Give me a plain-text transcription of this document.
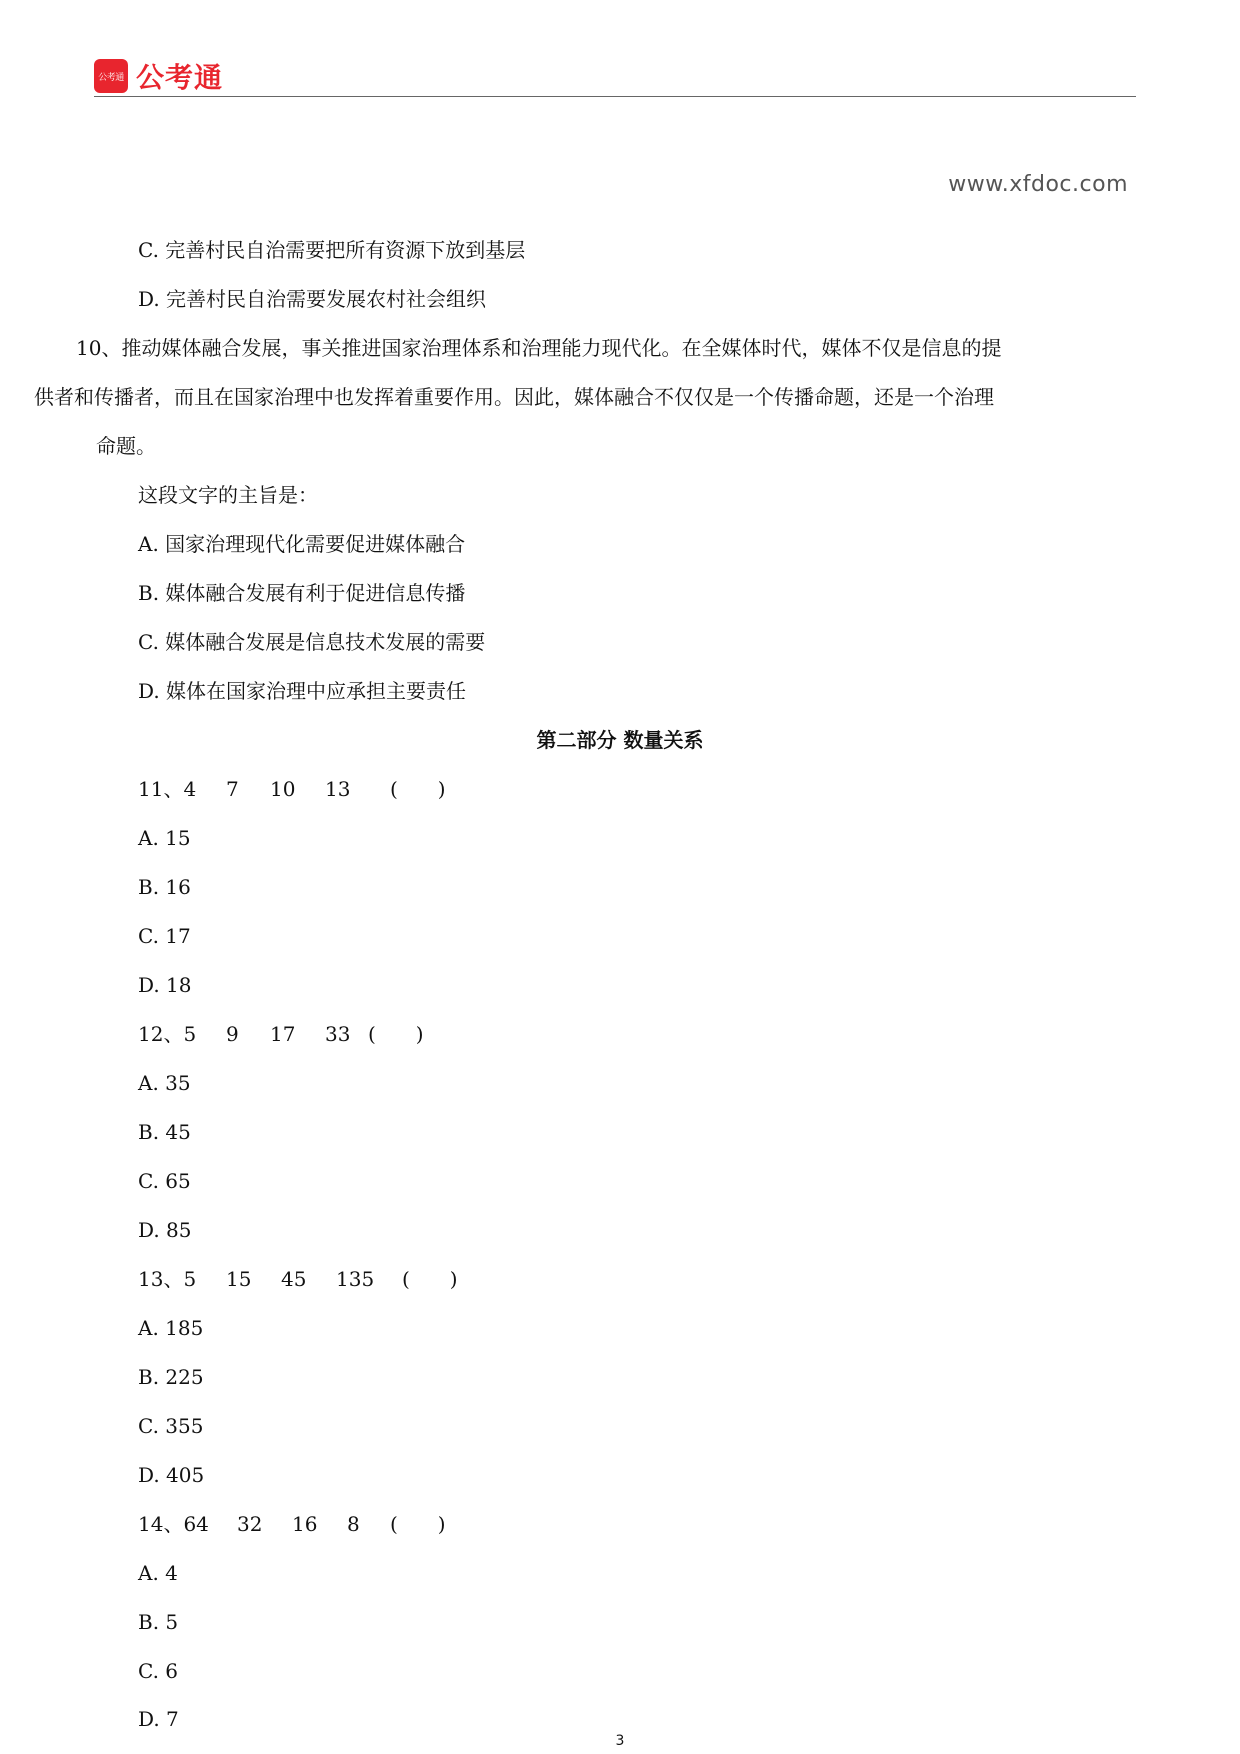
公考通 公考通
www.xfdoc.com
C. 完善村民自治需要把所有资源下放到基层
D. 完善村民自治需要发展农村社会组织
10、推动媒体融合发展，事关推进国家治理体系和治理能力现代化。在全媒体时代，媒体不仅是信息的提
供者和传播者，而且在国家治理中也发挥着重要作用。因此，媒体融合不仅仅是一个传播命题，还是一个治理
命题。
这段文字的主旨是：
A. 国家治理现代化需要促进媒体融合
B. 媒体融合发展有利于促进信息传播
C. 媒体融合发展是信息技术发展的需要
D. 媒体在国家治理中应承担主要责任
第二部分 数量关系
11、4 7 10 13 (　　)
A. 15
B. 16
C. 17
D. 18
12、5 9 17 33 (　　)
A. 35
B. 45
C. 65
D. 85
13、5 15 45 135 (　　)
A. 185
B. 225
C. 355
D. 405
14、64 32 16 8 (　　)
A. 4
B. 5
C. 6
D. 7
3
